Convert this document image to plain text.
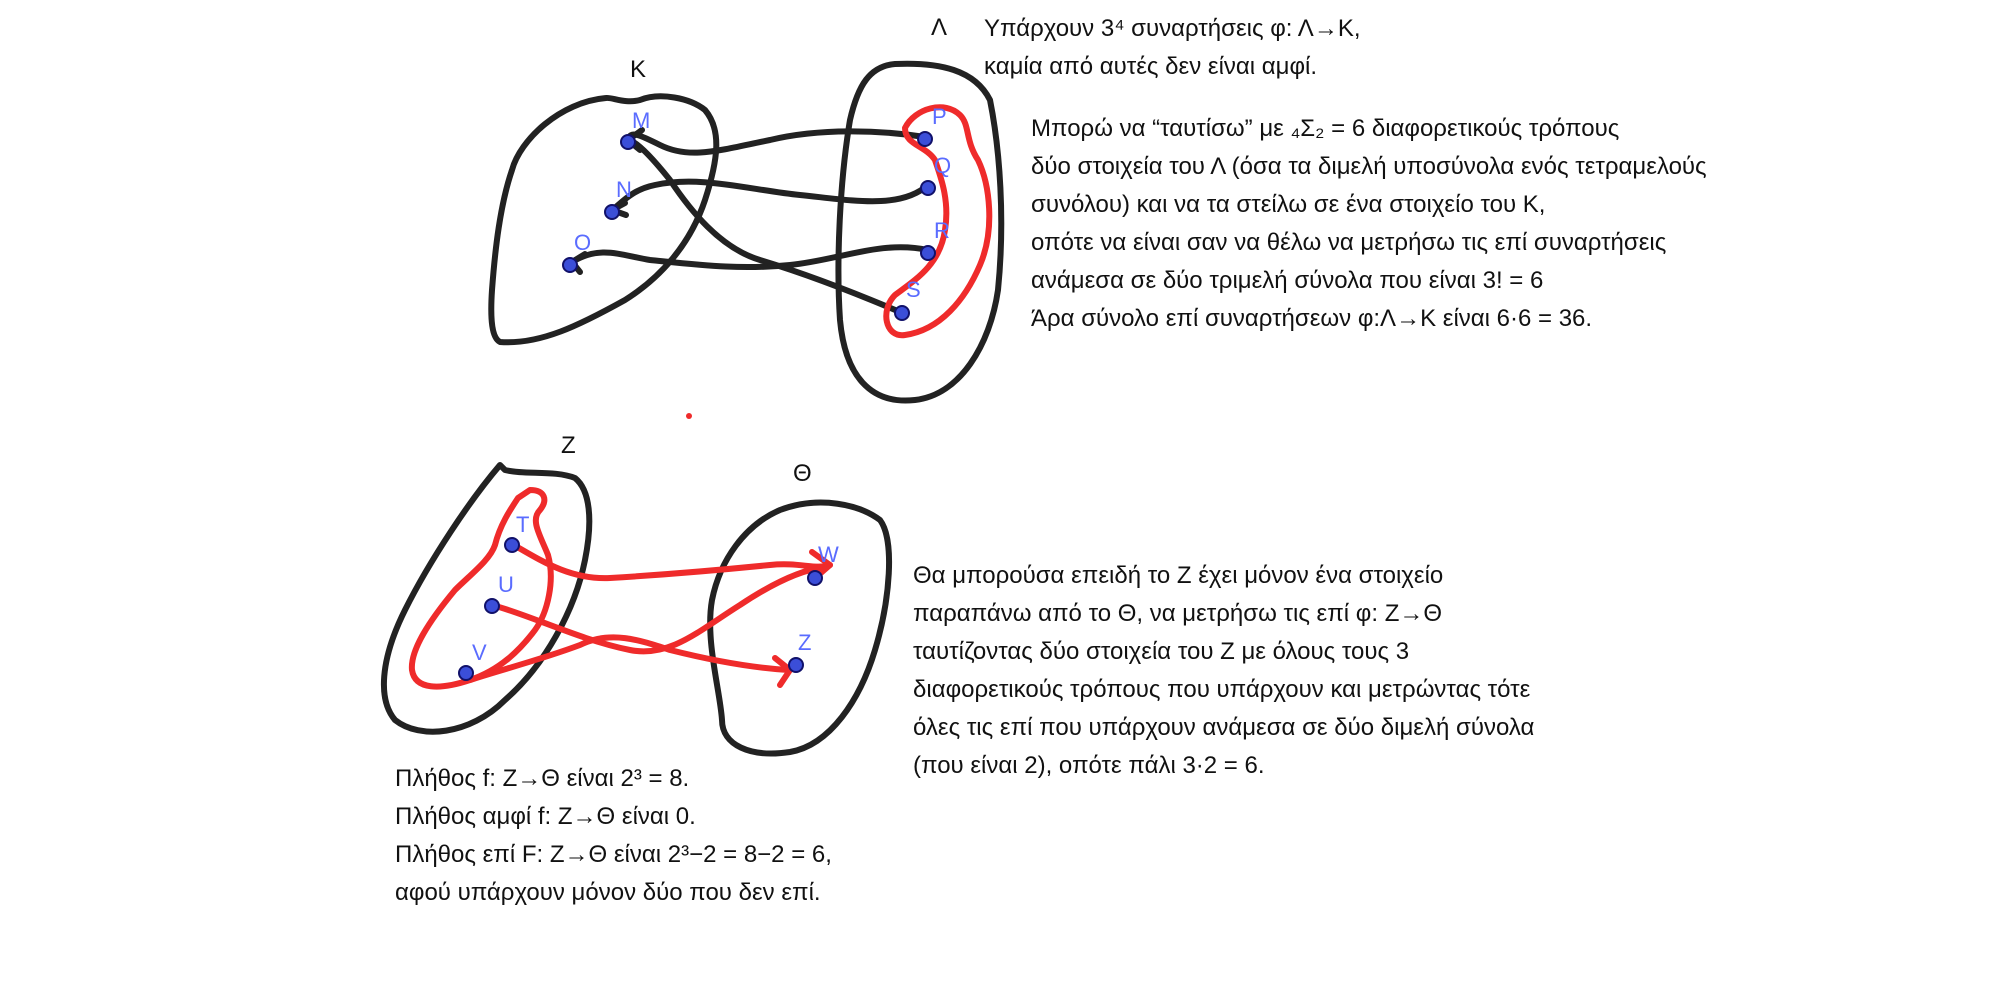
M
N
O
P
Q
R
S
T
U
V
W
Z
K
Λ
Z
Θ
Υπάρχουν 3⁴ συναρτήσεις φ: Λ→K,
καμία από αυτές δεν είναι αμφί.
Μπορώ να “ταυτίσω” με ₄Σ₂ = 6 διαφορετικούς τρόπους
δύο στοιχεία του Λ (όσα τα διμελή υποσύνολα ενός τετραμελούς
συνόλου) και να τα στείλω σε ένα στοιχείο του K,
οπότε να είναι σαν να θέλω να μετρήσω τις επί συναρτήσεις
ανάμεσα σε δύο τριμελή σύνολα που είναι 3! = 6
Άρα σύνολο επί συναρτήσεων φ:Λ→K είναι 6·6 = 36.
Πλήθος f: Z→Θ είναι 2³ = 8.
Πλήθος αμφί f: Z→Θ είναι 0.
Πλήθος επί F: Z→Θ είναι 2³−2 = 8−2 = 6,
αφού υπάρχουν μόνον δύο που δεν επί.
Θα μπορούσα επειδή το Z έχει μόνον ένα στοιχείο
παραπάνω από το Θ, να μετρήσω τις επί φ: Z→Θ
ταυτίζοντας δύο στοιχεία του Z με όλους τους 3
διαφορετικούς τρόπους που υπάρχουν και μετρώντας τότε
όλες τις επί που υπάρχουν ανάμεσα σε δύο διμελή σύνολα
(που είναι 2), οπότε πάλι 3·2 = 6.
